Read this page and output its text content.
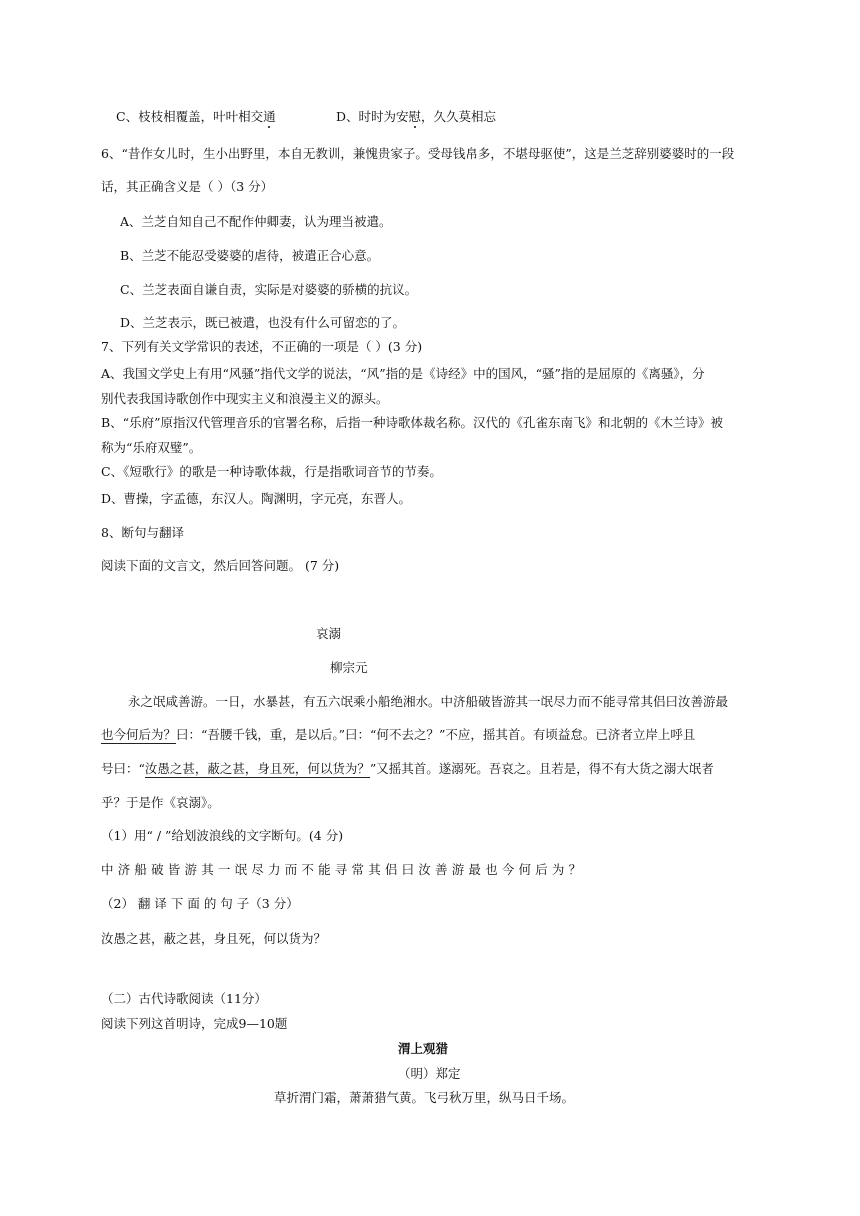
C、枝枝相覆盖，叶叶相交通	D、时时为安慰，久久莫相忘
6、“昔作女儿时，生小出野里，本自无教训，兼愧贵家子。受母钱帛多，不堪母驱使”，这是兰芝辞别婆婆时的一段
话，其正确含义是（ ）（3 分）
A、兰芝自知自己不配作仲卿妻，认为理当被遣。
B、兰芝不能忍受婆婆的虐待，被遣正合心意。
C、兰芝表面自谦自责，实际是对婆婆的骄横的抗议。
D、兰芝表示，既已被遣，也没有什么可留恋的了。
7、下列有关文学常识的表述，不正确的一项是（ ）(3 分)
A、我国文学史上有用“风骚”指代文学的说法，“风”指的是《诗经》中的国风，“骚”指的是屈原的《离骚》，分
别代表我国诗歌创作中现实主义和浪漫主义的源头。
B、“乐府”原指汉代管理音乐的官署名称，后指一种诗歌体裁名称。汉代的《孔雀东南飞》和北朝的《木兰诗》被
称为“乐府双璧”。
C、《短歌行》的歌是一种诗歌体裁，行是指歌词音节的节奏。
D、曹操，字孟德，东汉人。陶渊明，字元亮，东晋人。
8、断句与翻译
阅读下面的文言文，然后回答问题。 (7 分)
哀溺
柳宗元
永之氓咸善游。一日，水暴甚，有五六氓乘小船绝湘水。中济船破皆游其一氓尽力而不能寻常其侣曰汝善游最
也今何后为？曰：“吾腰千钱，重，是以后。”曰：“何不去之？”不应，摇其首。有顷益怠。已济者立岸上呼且
号曰：“汝愚之甚，蔽之甚，身且死，何以货为？”又摇其首。遂溺死。吾哀之。且若是，得不有大货之溺大氓者
乎？于是作《哀溺》。
（1）用“ / ”给划波浪线的文字断句。(4 分)
中济船破皆游其一氓尽力而不能寻常其侣曰汝善游最也今何后为？
（2） 翻 译 下 面 的 句 子（3 分）
汝愚之甚，蔽之甚，身且死，何以货为？
（二）古代诗歌阅读（11分）
阅读下列这首明诗，完成9—10题
渭上观猎
（明）郑定
草折渭门霜，萧萧猎气黄。飞弓秋万里，纵马日千场。
